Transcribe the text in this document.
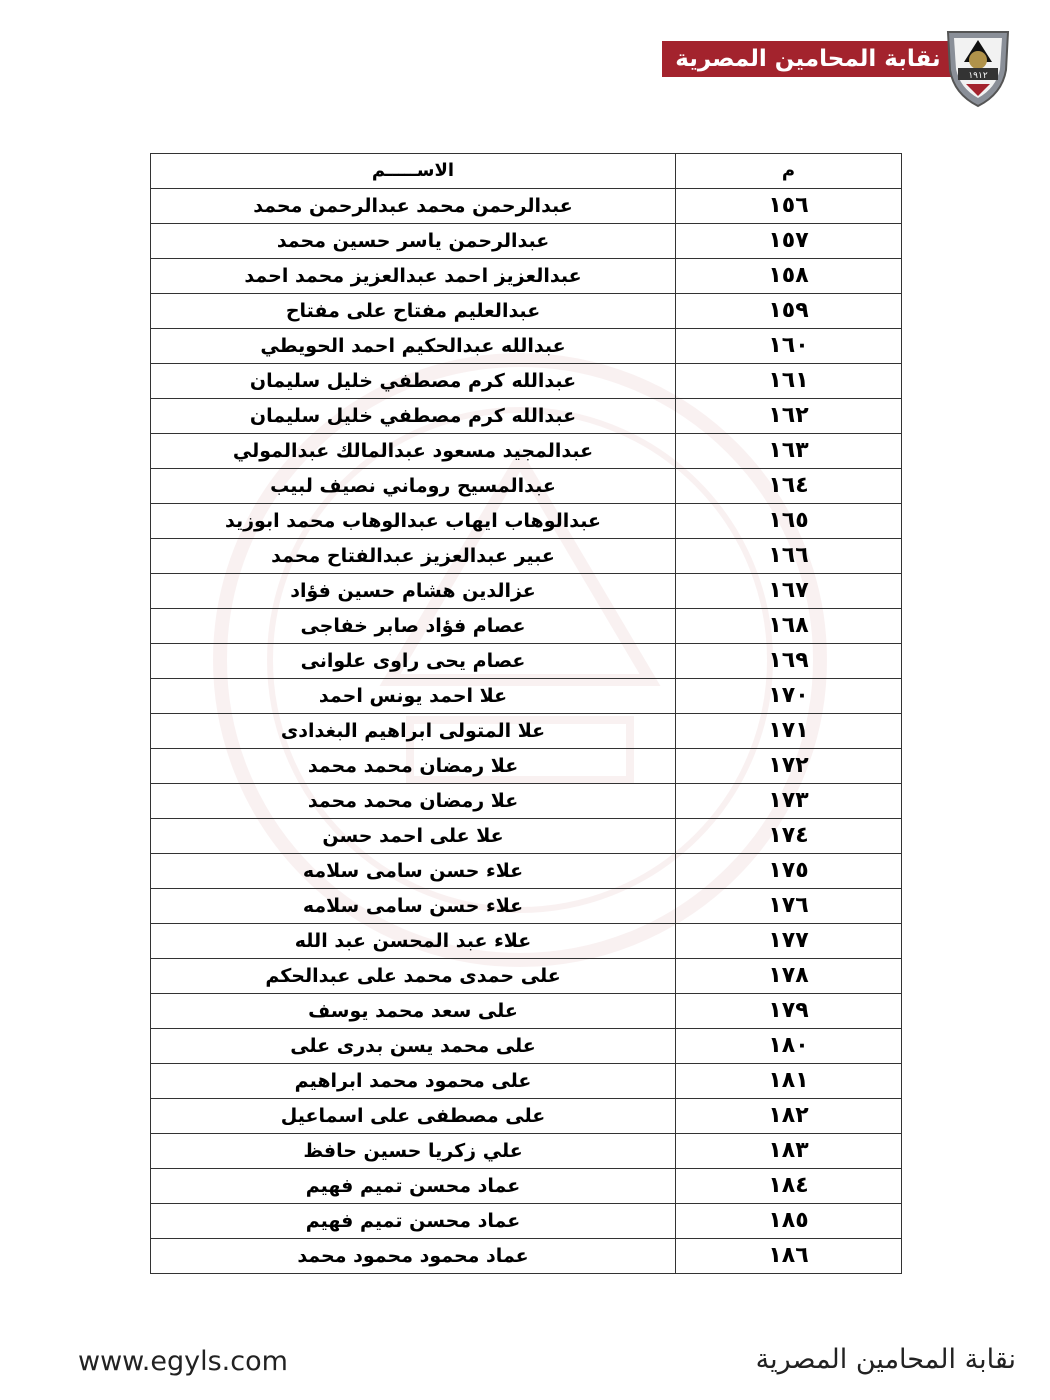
نقابة المحامين المصرية
١٩١٢
م	الاســـــم
١٥٦	عبدالرحمن محمد عبدالرحمن محمد
١٥٧	عبدالرحمن ياسر حسين محمد
١٥٨	عبدالعزيز احمد عبدالعزيز محمد احمد
١٥٩	عبدالعليم مفتاح على مفتاح
١٦٠	عبدالله عبدالحكيم احمد الحويطي
١٦١	عبدالله كرم مصطفي خليل سليمان
١٦٢	عبدالله كرم مصطفي خليل سليمان
١٦٣	عبدالمجيد مسعود عبدالمالك عبدالمولي
١٦٤	عبدالمسيح روماني نصيف لبيب
١٦٥	عبدالوهاب ايهاب عبدالوهاب محمد ابوزيد
١٦٦	عبير عبدالعزيز عبدالفتاح محمد
١٦٧	عزالدين هشام حسين فؤاد
١٦٨	عصام فؤاد صابر خفاجى
١٦٩	عصام يحى راوى علوانى
١٧٠	علا احمد يونس احمد
١٧١	علا المتولى ابراهيم البغدادى
١٧٢	علا رمضان محمد محمد
١٧٣	علا رمضان محمد محمد
١٧٤	علا على احمد حسن
١٧٥	علاء حسن سامى سلامه
١٧٦	علاء حسن سامى سلامه
١٧٧	علاء عبد المحسن عبد الله
١٧٨	على حمدى محمد على عبدالحكم
١٧٩	على سعد محمد يوسف
١٨٠	على محمد يسن بدرى على
١٨١	على محمود محمد ابراهيم
١٨٢	على مصطفى على اسماعيل
١٨٣	علي زكريا حسين حافظ
١٨٤	عماد محسن تميم فهيم
١٨٥	عماد محسن تميم فهيم
١٨٦	عماد محمود محمود محمد
www.egyls.com	نقابة المحامين المصرية
